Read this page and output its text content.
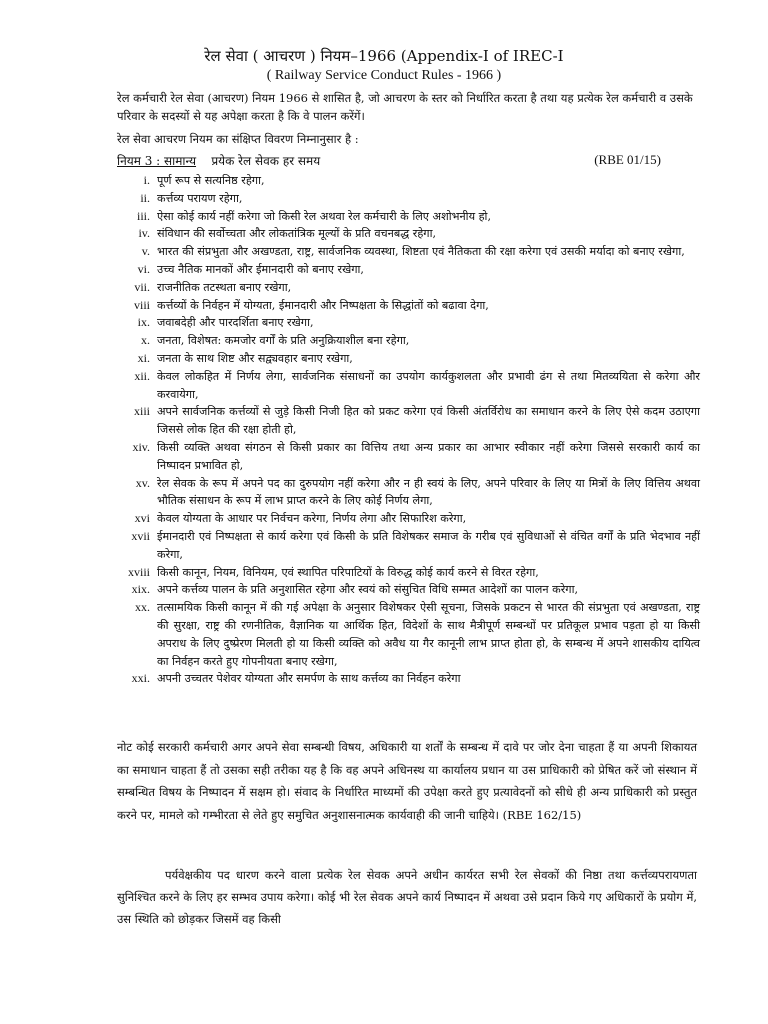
रेल सेवा ( आचरण ) नियम–1966 (Appendix-I of IREC-I
( Railway Service Conduct Rules - 1966 )
रेल कर्मचारी रेल सेवा (आचरण) नियम 1966 से शासित है, जो आचरण के स्तर को निर्धारित करता है तथा यह प्रत्येक रेल कर्मचारी व उसके परिवार के सदस्यों से यह अपेक्षा करता है कि वे पालन करेंगें।
रेल सेवा आचरण नियम का संक्षिप्त विवरण निम्नानुसार है :
नियम 3 : सामान्य प्रयेक रेल सेवक हर समय	(RBE 01/15)
i. पूर्ण रूप से सत्यनिष्ठ रहेगा,
ii. कर्त्तव्य परायण रहेगा,
iii. ऐसा कोई कार्य नहीं करेगा जो किसी रेल अथवा रेल कर्मचारी के लिए अशोभनीय हो,
iv. संविधान की सर्वोच्चता और लोकतांत्रिक मूल्यों के प्रति वचनबद्ध रहेगा,
v. भारत की संप्रभुता और अखण्डता, राष्ट्र, सार्वजनिक व्यवस्था, शिष्टता एवं नैतिकता की रक्षा करेगा एवं उसकी मर्यादा को बनाए रखेगा,
vi. उच्च नैतिक मानकों और ईमानदारी को बनाए रखेगा,
vii. राजनीतिक तटस्थता बनाए रखेगा,
viii कर्त्तव्यों के निर्वहन में योग्यता, ईमानदारी और निष्पक्षता के सिद्धांतों को बढावा देगा,
ix. जवाबदेही और पारदर्शिता बनाए रखेगा,
x. जनता, विशेषत: कमजोर वर्गों के प्रति अनुक्रियाशील बना रहेगा,
xi. जनता के साथ शिष्ट और सद्व्यवहार बनाए रखेगा,
xii. केवल लोकहित में निर्णय लेगा, सार्वजनिक संसाधनों का उपयोग कार्यकुशलता और प्रभावी ढंग से तथा मितव्ययिता से करेगा और करवायेगा,
xiii अपने सार्वजनिक कर्त्तव्यों से जुड़े किसी निजी हित को प्रकट करेगा एवं किसी अंतर्विरोध का समाधान करने के लिए ऐसे कदम उठाएगा जिससे लोक हित की रक्षा होती हो,
xiv. किसी व्यक्ति अथवा संगठन से किसी प्रकार का वित्तिय तथा अन्य प्रकार का आभार स्वीकार नहीं करेगा जिससे सरकारी कार्य का निष्पादन प्रभावित हो,
xv. रेल सेवक के रूप में अपने पद का दुरुपयोग नहीं करेगा और न ही स्वयं के लिए, अपने परिवार के लिए या मित्रों के लिए वित्तिय अथवा भौतिक संसाधन के रूप में लाभ प्राप्त करने के लिए कोई निर्णय लेगा,
xvi केवल योग्यता के आधार पर निर्वचन करेगा, निर्णय लेगा और सिफारिश करेगा,
xvii ईमानदारी एवं निष्पक्षता से कार्य करेगा एवं किसी के प्रति विशेषकर समाज के गरीब एवं सुविधाओं से वंचित वर्गों के प्रति भेदभाव नहीं करेगा,
xviii किसी कानून, नियम, विनियम, एवं स्थापित परिपाटियों के विरुद्ध कोई कार्य करने से विरत रहेगा,
xix. अपने कर्त्तव्य पालन के प्रति अनुशासित रहेगा और स्वयं को संसुचित विधि सम्मत आदेशों का पालन करेगा,
xx. तत्सामयिक किसी कानून में की गई अपेक्षा के अनुसार विशेषकर ऐसी सूचना, जिसके प्रकटन से भारत की संप्रभुता एवं अखण्डता, राष्ट्र की सुरक्षा, राष्ट्र की रणनीतिक, वैज्ञानिक या आर्थिक हित, विदेशों के साथ मैत्रीपूर्ण सम्बन्धों पर प्रतिकूल प्रभाव पड़ता हो या किसी अपराध के लिए दुष्प्रेरण मिलती हो या किसी व्यक्ति को अवैध या गैर कानूनी लाभ प्राप्त होता हो, के सम्बन्ध में अपने शासकीय दायित्व का निर्वहन करते हुए गोपनीयता बनाए रखेगा,
xxi. अपनी उच्चतर पेशेवर योग्यता और समर्पण के साथ कर्त्तव्य का निर्वहन करेगा
नोट कोई सरकारी कर्मचारी अगर अपने सेवा सम्बन्धी विषय, अधिकारी या शर्तों के सम्बन्ध में दावे पर जोर देना चाहता हैं या अपनी शिकायत का समाधान चाहता हैं तो उसका सही तरीका यह है कि वह अपने अधिनस्थ या कार्यालय प्रधान या उस प्राधिकारी को प्रेषित करें जो संस्थान में सम्बन्धित विषय के निष्पादन में सक्षम हो। संवाद के निर्धारित माध्यमों की उपेक्षा करते हुए प्रत्यावेदनों को सीधे ही अन्य प्राधिकारी को प्रस्तुत करने पर, मामले को गम्भीरता से लेते हुए समुचित अनुशासनात्मक कार्यवाही की जानी चाहिये। (RBE 162/15)
पर्यवेक्षकीय पद धारण करने वाला प्रत्येक रेल सेवक अपने अधीन कार्यरत सभी रेल सेवकों की निष्ठा तथा कर्त्तव्यपरायणता सुनिश्चित करने के लिए हर सम्भव उपाय करेगा। कोई भी रेल सेवक अपने कार्य निष्पादन में अथवा उसे प्रदान किये गए अधिकारों के प्रयोग में, उस स्थिति को छोड़कर जिसमें वह किसी
